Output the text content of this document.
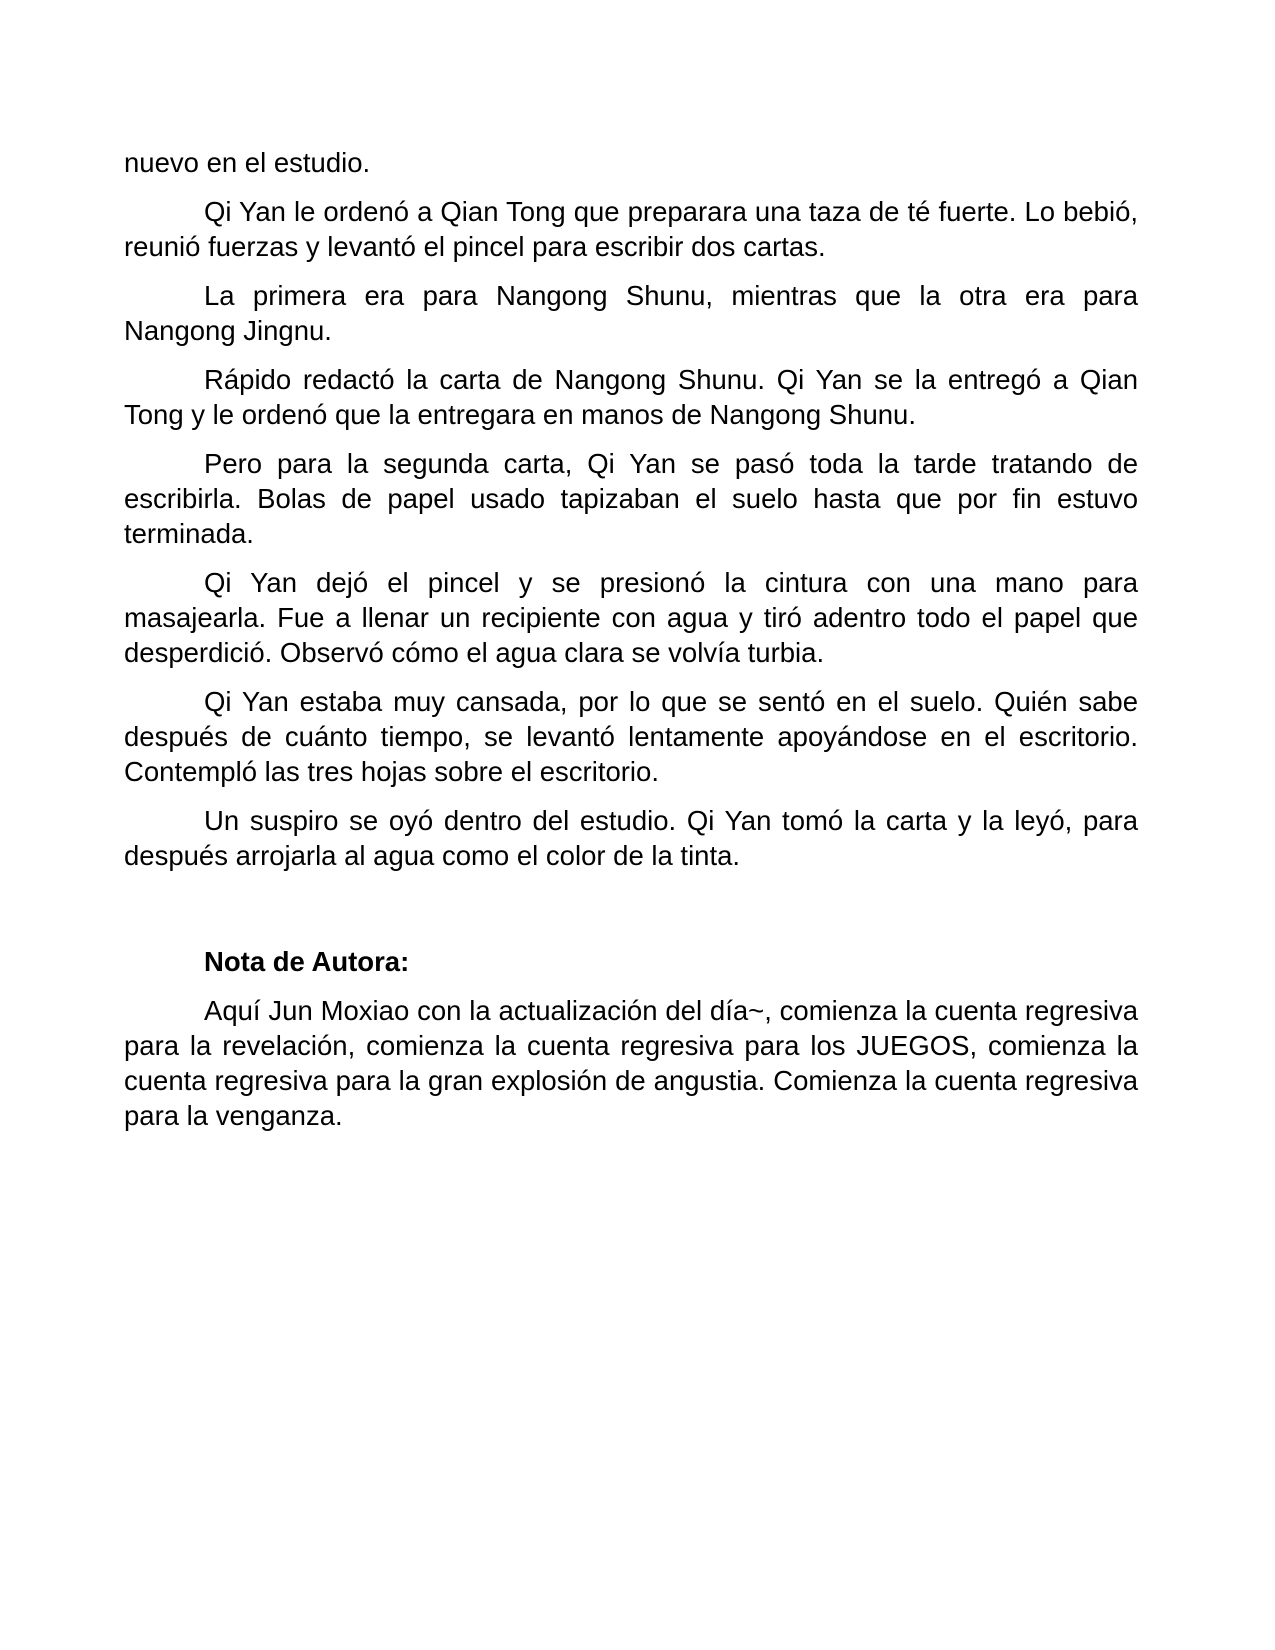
nuevo en el estudio.

Qi Yan le ordenó a Qian Tong que preparara una taza de té fuerte. Lo bebió, reunió fuerzas y levantó el pincel para escribir dos cartas.

La primera era para Nangong Shunu, mientras que la otra era para Nangong Jingnu.

Rápido redactó la carta de Nangong Shunu. Qi Yan se la entregó a Qian Tong y le ordenó que la entregara en manos de Nangong Shunu.

Pero para la segunda carta, Qi Yan se pasó toda la tarde tratando de escribirla. Bolas de papel usado tapizaban el suelo hasta que por fin estuvo terminada.

Qi Yan dejó el pincel y se presionó la cintura con una mano para masajearla. Fue a llenar un recipiente con agua y tiró adentro todo el papel que desperdició. Observó cómo el agua clara se volvía turbia.

Qi Yan estaba muy cansada, por lo que se sentó en el suelo. Quién sabe después de cuánto tiempo, se levantó lentamente apoyándose en el escritorio. Contempló las tres hojas sobre el escritorio.

Un suspiro se oyó dentro del estudio. Qi Yan tomó la carta y la leyó, para después arrojarla al agua como el color de la tinta.

Nota de Autora:

Aquí Jun Moxiao con la actualización del día~, comienza la cuenta regresiva para la revelación, comienza la cuenta regresiva para los JUEGOS, comienza la cuenta regresiva para la gran explosión de angustia. Comienza la cuenta regresiva para la venganza.
